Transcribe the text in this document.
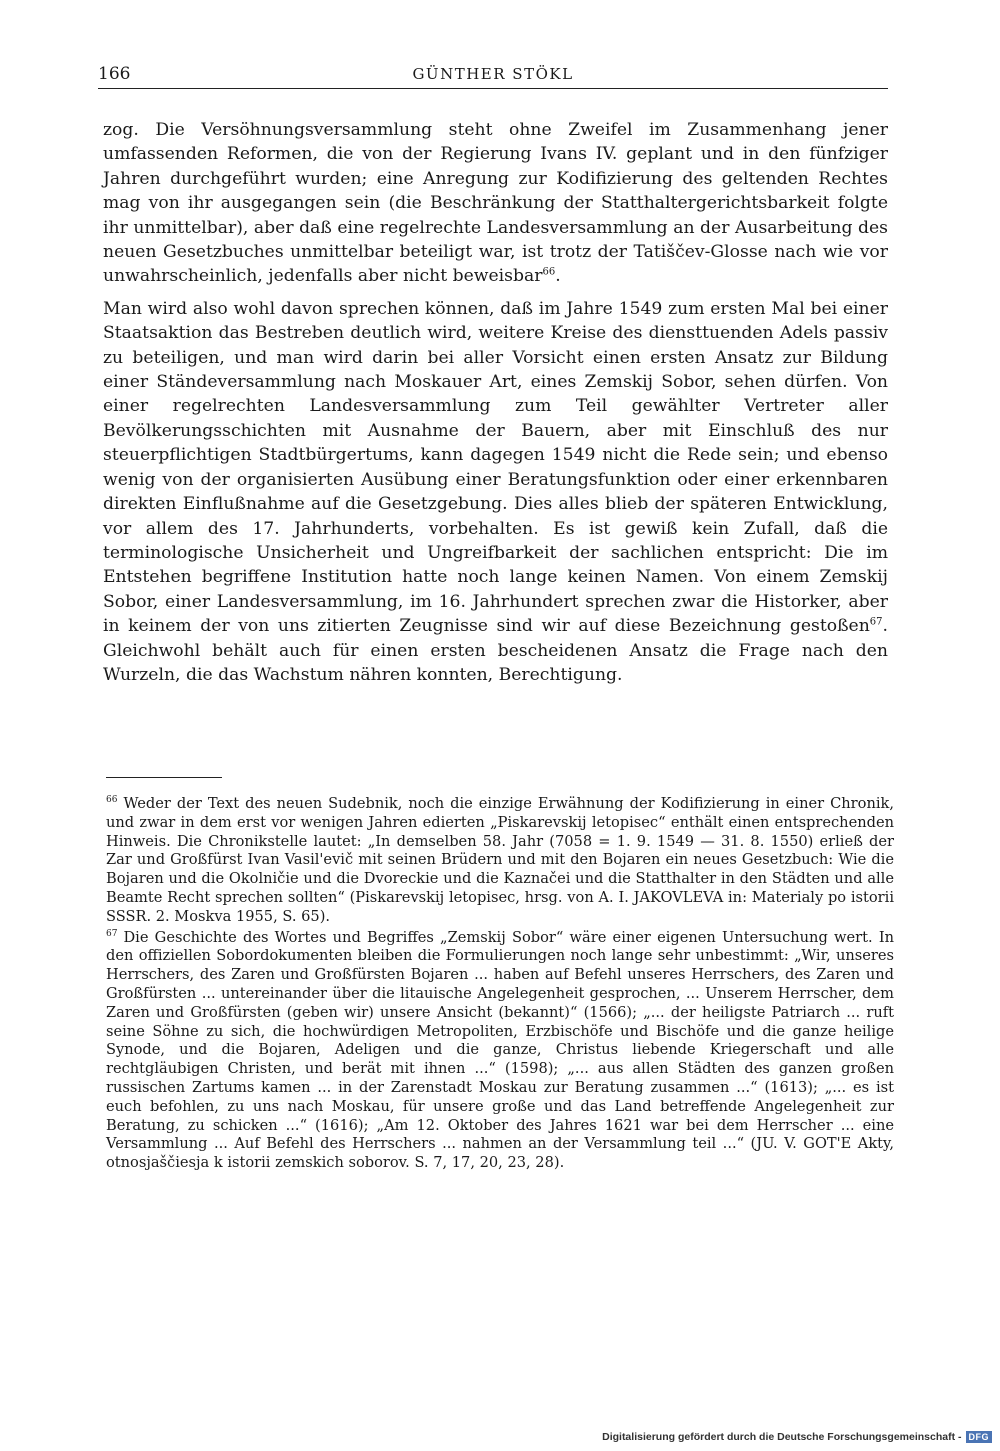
166	GÜNTHER STÖKL

zog. Die Versöhnungsversammlung steht ohne Zweifel im Zusammenhang jener umfassenden Reformen, die von der Regierung Ivans IV. geplant und in den fünfziger Jahren durchgeführt wurden; eine Anregung zur Kodifizierung des geltenden Rechtes mag von ihr ausgegangen sein (die Beschränkung der Statthaltergerichtsbarkeit folgte ihr unmittelbar), aber daß eine regelrechte Landesversammlung an der Ausarbeitung des neuen Gesetzbuches unmittelbar beteiligt war, ist trotz der Tatiščev-Glosse nach wie vor unwahrscheinlich, jedenfalls aber nicht beweisbar$^{66}$.

Man wird also wohl davon sprechen können, daß im Jahre 1549 zum ersten Mal bei einer Staatsaktion das Bestreben deutlich wird, weitere Kreise des diensttuenden Adels passiv zu beteiligen, und man wird darin bei aller Vorsicht einen ersten Ansatz zur Bildung einer Ständeversammlung nach Moskauer Art, eines Zemskij Sobor, sehen dürfen. Von einer regelrechten Landesversammlung zum Teil gewählter Vertreter aller Bevölkerungsschichten mit Ausnahme der Bauern, aber mit Einschluß des nur steuerpflichtigen Stadtbürgertums, kann dagegen 1549 nicht die Rede sein; und ebenso wenig von der organisierten Ausübung einer Beratungsfunktion oder einer erkennbaren direkten Einflußnahme auf die Gesetzgebung. Dies alles blieb der späteren Entwicklung, vor allem des 17. Jahrhunderts, vorbehalten. Es ist gewiß kein Zufall, daß die terminologische Unsicherheit und Ungreifbarkeit der sachlichen entspricht: Die im Entstehen begriffene Institution hatte noch lange keinen Namen. Von einem Zemskij Sobor, einer Landesversammlung, im 16. Jahrhundert sprechen zwar die Historker, aber in keinem der von uns zitierten Zeugnisse sind wir auf diese Bezeichnung gestoßen$^{67}$. Gleichwohl behält auch für einen ersten bescheidenen Ansatz die Frage nach den Wurzeln, die das Wachstum nähren konnten, Berechtigung.

$^{66}$ Weder der Text des neuen Sudebnik, noch die einzige Erwähnung der Kodifizierung in einer Chronik, und zwar in dem erst vor wenigen Jahren edierten „Piskarevskij letopisec“ enthält einen entsprechenden Hinweis. Die Chronikstelle lautet: „In demselben 58. Jahr (7058 = 1. 9. 1549 — 31. 8. 1550) erließ der Zar und Großfürst Ivan Vasil'evič mit seinen Brüdern und mit den Bojaren ein neues Gesetzbuch: Wie die Bojaren und die Okolničie und die Dvoreckie und die Kaznačei und die Statthalter in den Städten und alle Beamte Recht sprechen sollten“ (Piskarevskij letopisec, hrsg. von A. I. JAKOVLEVA in: Materialy po istorii SSSR. 2. Moskva 1955, S. 65).

$^{67}$ Die Geschichte des Wortes und Begriffes „Zemskij Sobor“ wäre einer eigenen Untersuchung wert. In den offiziellen Sobordokumenten bleiben die Formulierungen noch lange sehr unbestimmt: „Wir, unseres Herrschers, des Zaren und Großfürsten Bojaren ... haben auf Befehl unseres Herrschers, des Zaren und Großfürsten ... untereinander über die litauische Angelegenheit gesprochen, ... Unserem Herrscher, dem Zaren und Großfürsten (geben wir) unsere Ansicht (bekannt)“ (1566); „... der heiligste Patriarch ... ruft seine Söhne zu sich, die hochwürdigen Metropoliten, Erzbischöfe und Bischöfe und die ganze heilige Synode, und die Bojaren, Adeligen und die ganze, Christus liebende Kriegerschaft und alle rechtgläubigen Christen, und berät mit ihnen ...“ (1598); „... aus allen Städten des ganzen großen russischen Zartums kamen ... in der Zarenstadt Moskau zur Beratung zusammen ...“ (1613); „... es ist euch befohlen, zu uns nach Moskau, für unsere große und das Land betreffende Angelegenheit zur Beratung, zu schicken ...“ (1616); „Am 12. Oktober des Jahres 1621 war bei dem Herrscher ... eine Versammlung ... Auf Befehl des Herrschers ... nahmen an der Versammlung teil ...“ (JU. V. GOT'E Akty, otnosjaščiesja k istorii zemskich soborov. S. 7, 17, 20, 23, 28).

Digitalisierung gefördert durch die Deutsche Forschungsgemeinschaft - DFG
